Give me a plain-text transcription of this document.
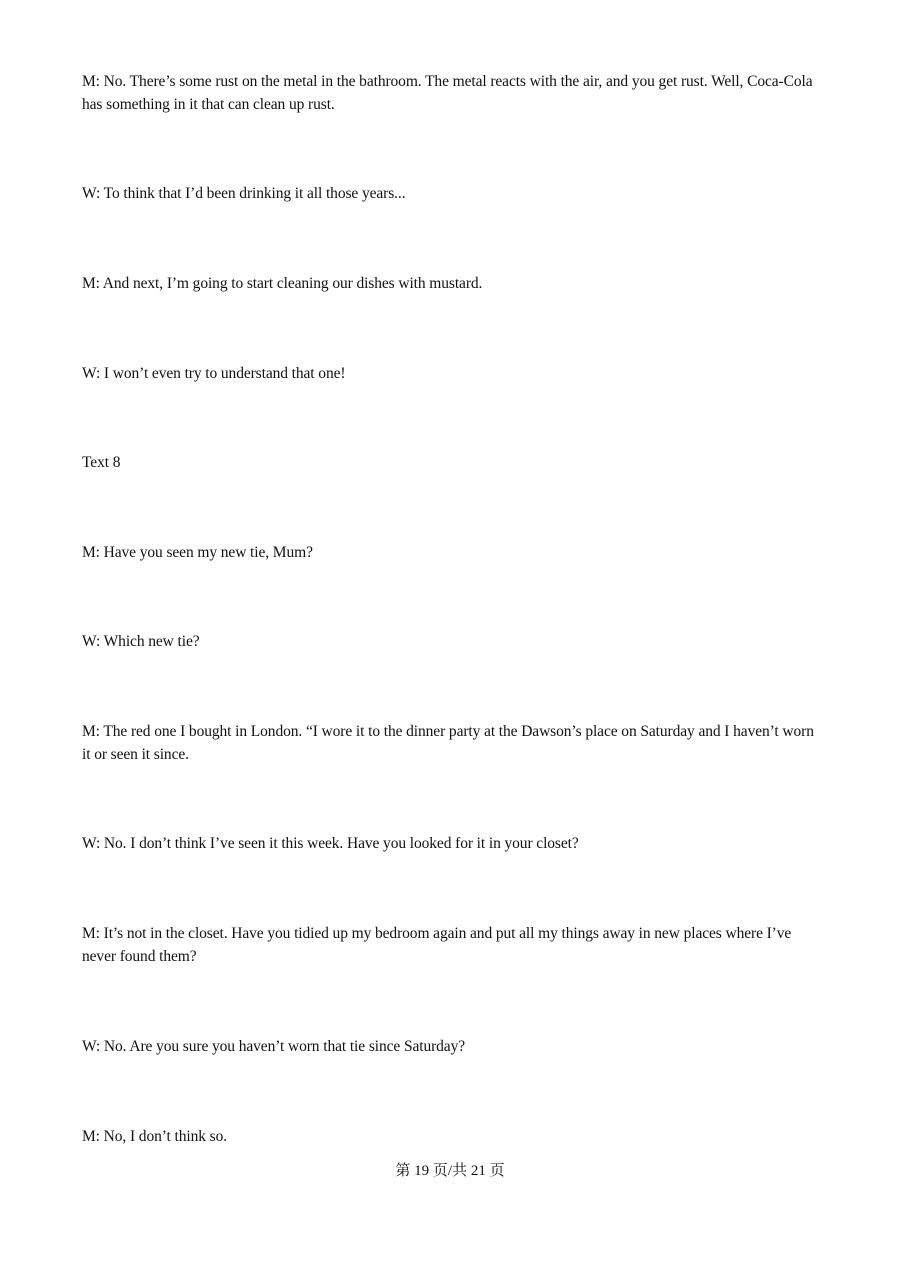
M: No. There’s some rust on the metal in the bathroom. The metal reacts with the air, and you get rust. Well, Coca-Cola has something in it that can clean up rust.

W: To think that I’d been drinking it all those years...

M: And next, I’m going to start cleaning our dishes with mustard.

W: I won’t even try to understand that one!

Text 8

M: Have you seen my new tie, Mum?

W: Which new tie?

M: The red one I bought in London. “I wore it to the dinner party at the Dawson’s place on Saturday and I haven’t worn it or seen it since.

W: No. I don’t think I’ve seen it this week. Have you looked for it in your closet?

M: It’s not in the closet. Have you tidied up my bedroom again and put all my things away in new places where I’ve never found them?

W: No. Are you sure you haven’t worn that tie since Saturday?

M: No, I don’t think so.

第 19 页/共 21 页
